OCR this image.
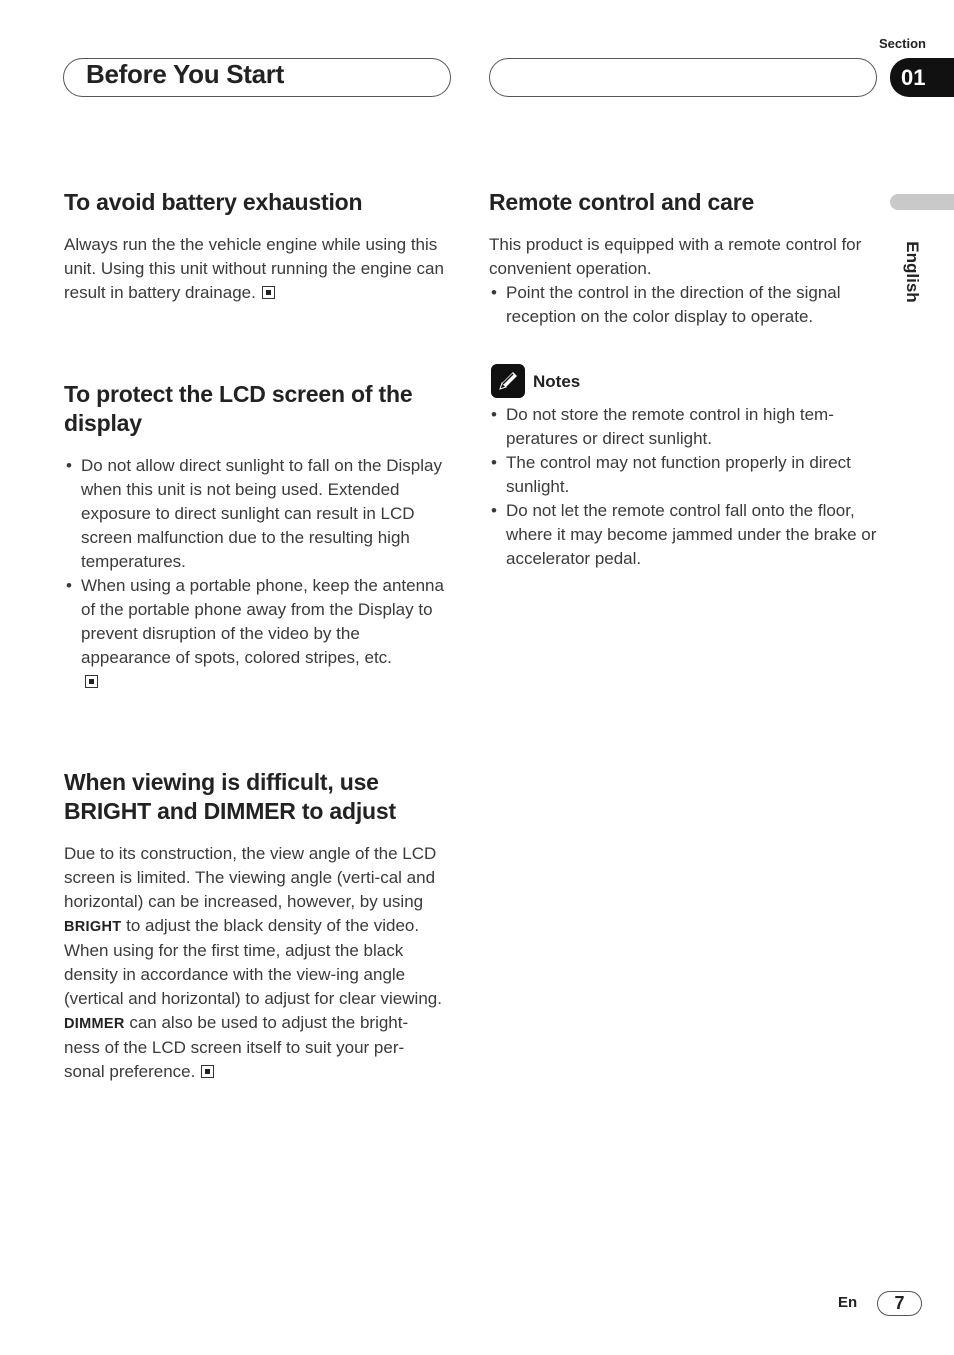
Before You Start
Section
01
English
To avoid battery exhaustion

Always run the the vehicle engine while using this unit. Using this unit without running the engine can result in battery drainage.

To protect the LCD screen of the
display
• Do not allow direct sunlight to fall on the Display when this unit is not being used. Extended exposure to direct sunlight can result in LCD screen malfunction due to the resulting high temperatures.
• When using a portable phone, keep the antenna of the portable phone away from the Display to prevent disruption of the video by the appearance of spots, colored stripes, etc.

When viewing is difficult, use
BRIGHT and DIMMER to adjust

Due to its construction, the view angle of the LCD screen is limited. The viewing angle (verti-cal and horizontal) can be increased, however, by using BRIGHT to adjust the black density of the video. When using for the first time, adjust the black density in accordance with the view-ing angle (vertical and horizontal) to adjust for clear viewing.

DIMMER can also be used to adjust the bright-ness of the LCD screen itself to suit your per-sonal preference.

Remote control and care

This product is equipped with a remote control for convenient operation.

• Point the control in the direction of the signal reception on the color display to operate.
Notes
• Do not store the remote control in high tem-peratures or direct sunlight.
• The control may not function properly in direct sunlight.
• Do not let the remote control fall onto the floor, where it may become jammed under the brake or accelerator pedal.
En	7
